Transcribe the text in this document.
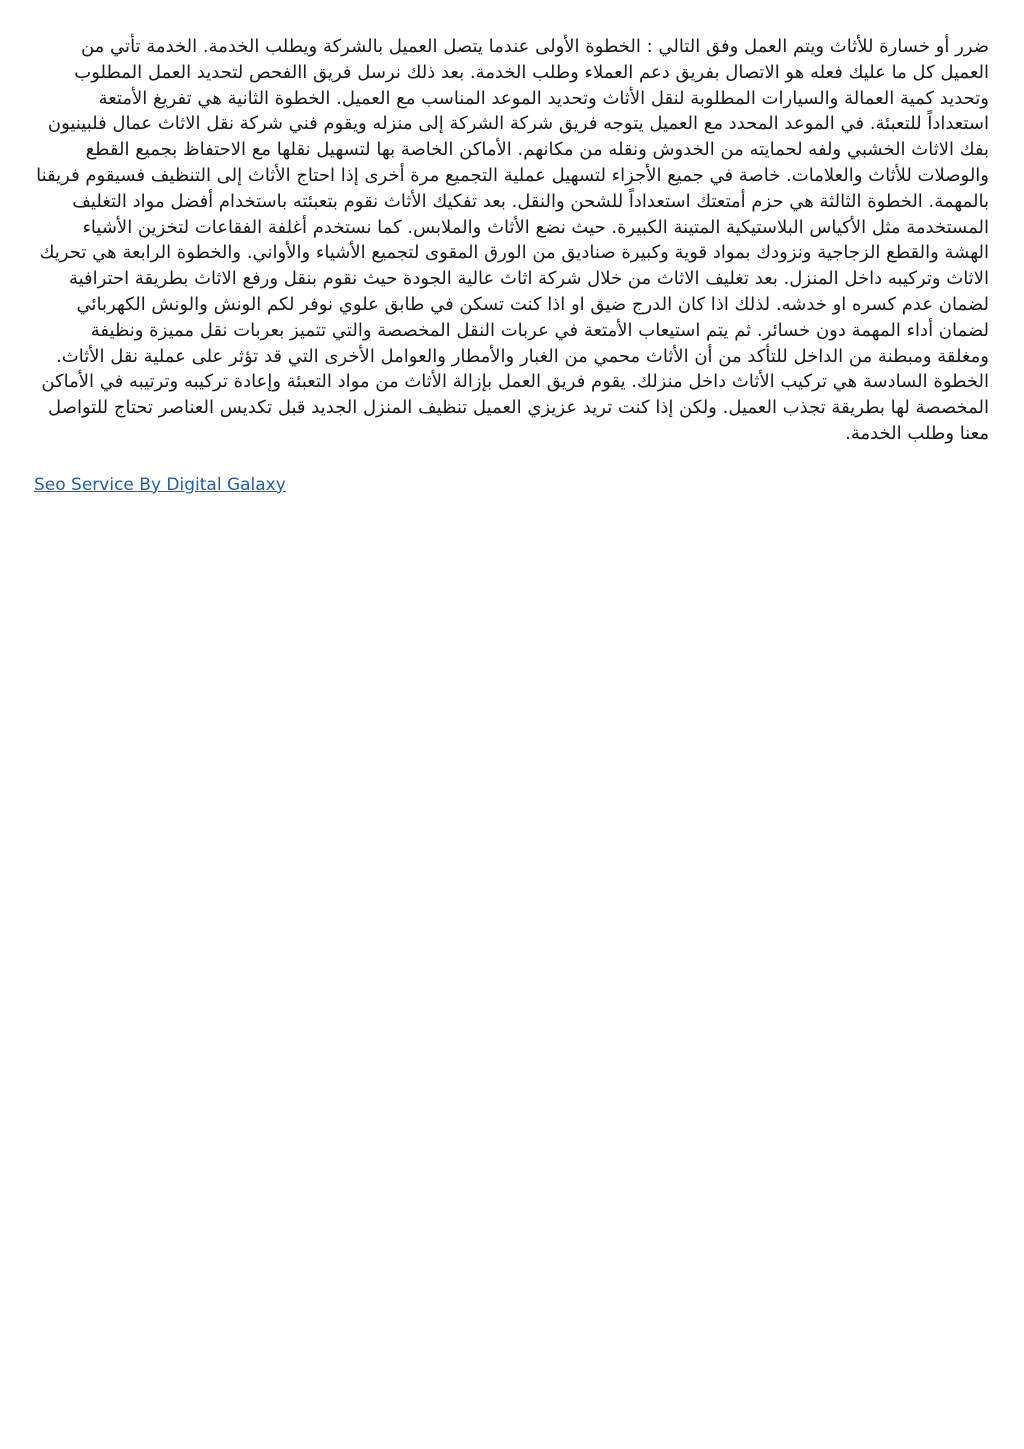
ضرر أو خسارة للأثاث ويتم العمل وفق التالي : الخطوة الأولى عندما يتصل العميل بالشركة ويطلب الخدمة. الخدمة تأتي من العميل كل ما عليك فعله هو الاتصال بفريق دعم العملاء وطلب الخدمة. بعد ذلك نرسل فريق االفحص لتحديد العمل المطلوب وتحديد كمية العمالة والسيارات المطلوبة لنقل الأثاث وتحديد الموعد المناسب مع العميل. الخطوة الثانية هي تفريغ الأمتعة استعداداً للتعبئة. في الموعد المحدد مع العميل يتوجه فريق شركة الشركة إلى منزله ويقوم فني شركة نقل الاثاث عمال فلبينيون بفك الاثاث الخشبي ولفه لحمايته من الخدوش ونقله من مكانهم. الأماكن الخاصة بها لتسهيل نقلها مع الاحتفاظ بجميع القطع والوصلات للأثاث والعلامات. خاصة في جميع الأجزاء لتسهيل عملية التجميع مرة أخرى إذا احتاج الأثاث إلى التنظيف فسيقوم فريقنا بالمهمة. الخطوة الثالثة هي حزم أمتعتك استعداداً للشحن والنقل. بعد تفكيك الأثاث نقوم بتعبئته باستخدام أفضل مواد التغليف المستخدمة مثل الأكياس البلاستيكية المتينة الكبيرة. حيث نضع الأثاث والملابس. كما نستخدم أغلفة الفقاعات لتخزين الأشياء الهشة والقطع الزجاجية ونزودك بمواد قوية وكبيرة صناديق من الورق المقوى لتجميع الأشياء والأواني. والخطوة الرابعة هي تحريك الاثاث وتركيبه داخل المنزل. بعد تغليف الاثاث من خلال شركة اثاث عالية الجودة حيث نقوم بنقل ورفع الاثاث بطريقة احترافية لضمان عدم كسره او خدشه. لذلك اذا كان الدرج ضيق او اذا كنت تسكن في طابق علوي نوفر لكم الونش والونش الكهربائي لضمان أداء المهمة دون خسائر. ثم يتم استيعاب الأمتعة في عربات النقل المخصصة والتي تتميز بعربات نقل مميزة ونظيفة ومغلقة ومبطنة من الداخل للتأكد من أن الأثاث محمي من الغبار والأمطار والعوامل الأخرى التي قد تؤثر على عملية نقل الأثاث. الخطوة السادسة هي تركيب الأثاث داخل منزلك. يقوم فريق العمل بإزالة الأثاث من مواد التعبئة وإعادة تركيبه وترتيبه في الأماكن المخصصة لها بطريقة تجذب العميل. ولكن إذا كنت تريد عزيزي العميل تنظيف المنزل الجديد قبل تكديس العناصر تحتاج للتواصل معنا وطلب الخدمة.

Seo Service By Digital Galaxy
